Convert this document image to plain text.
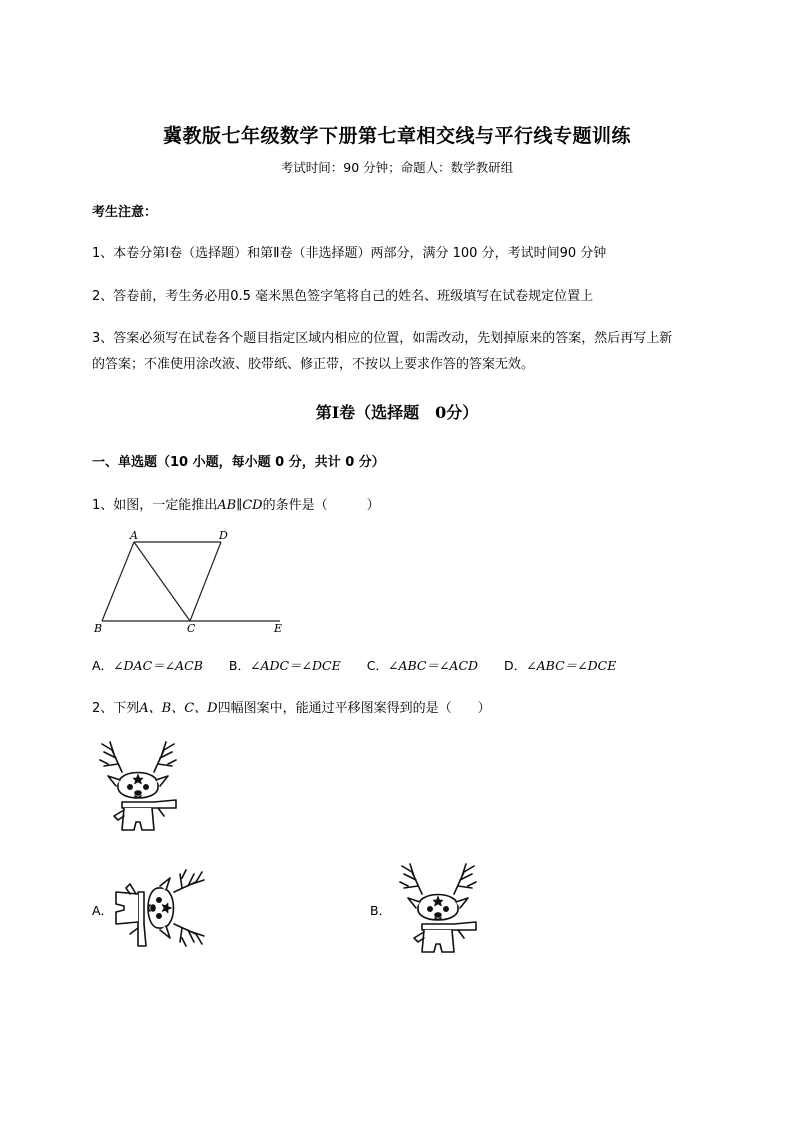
冀教版七年级数学下册第七章相交线与平行线专题训练
考试时间：90 分钟；命题人：数学教研组
考生注意：
1、本卷分第Ⅰ卷（选择题）和第Ⅱ卷（非选择题）两部分，满分 100 分，考试时间90 分钟
2、答卷前，考生务必用0.5 毫米黑色签字笔将自己的姓名、班级填写在试卷规定位置上
3、答案必须写在试卷各个题目指定区域内相应的位置，如需改动，先划掉原来的答案，然后再写上新
的答案；不准使用涂改液、胶带纸、修正带，不按以上要求作答的答案无效。
第Ⅰ卷（选择题　0分）
一、单选题（10 小题，每小题 0 分，共计 0 分）
1、如图，一定能推出AB∥CD的条件是（　　　）
A	D
B	C	E
A．∠DAC＝∠ACB B．∠ADC＝∠DCE C．∠ABC＝∠ACD D．∠ABC＝∠DCE
2、下列A、B、C、D四幅图案中，能通过平移图案得到的是（　　）
A．	B．
